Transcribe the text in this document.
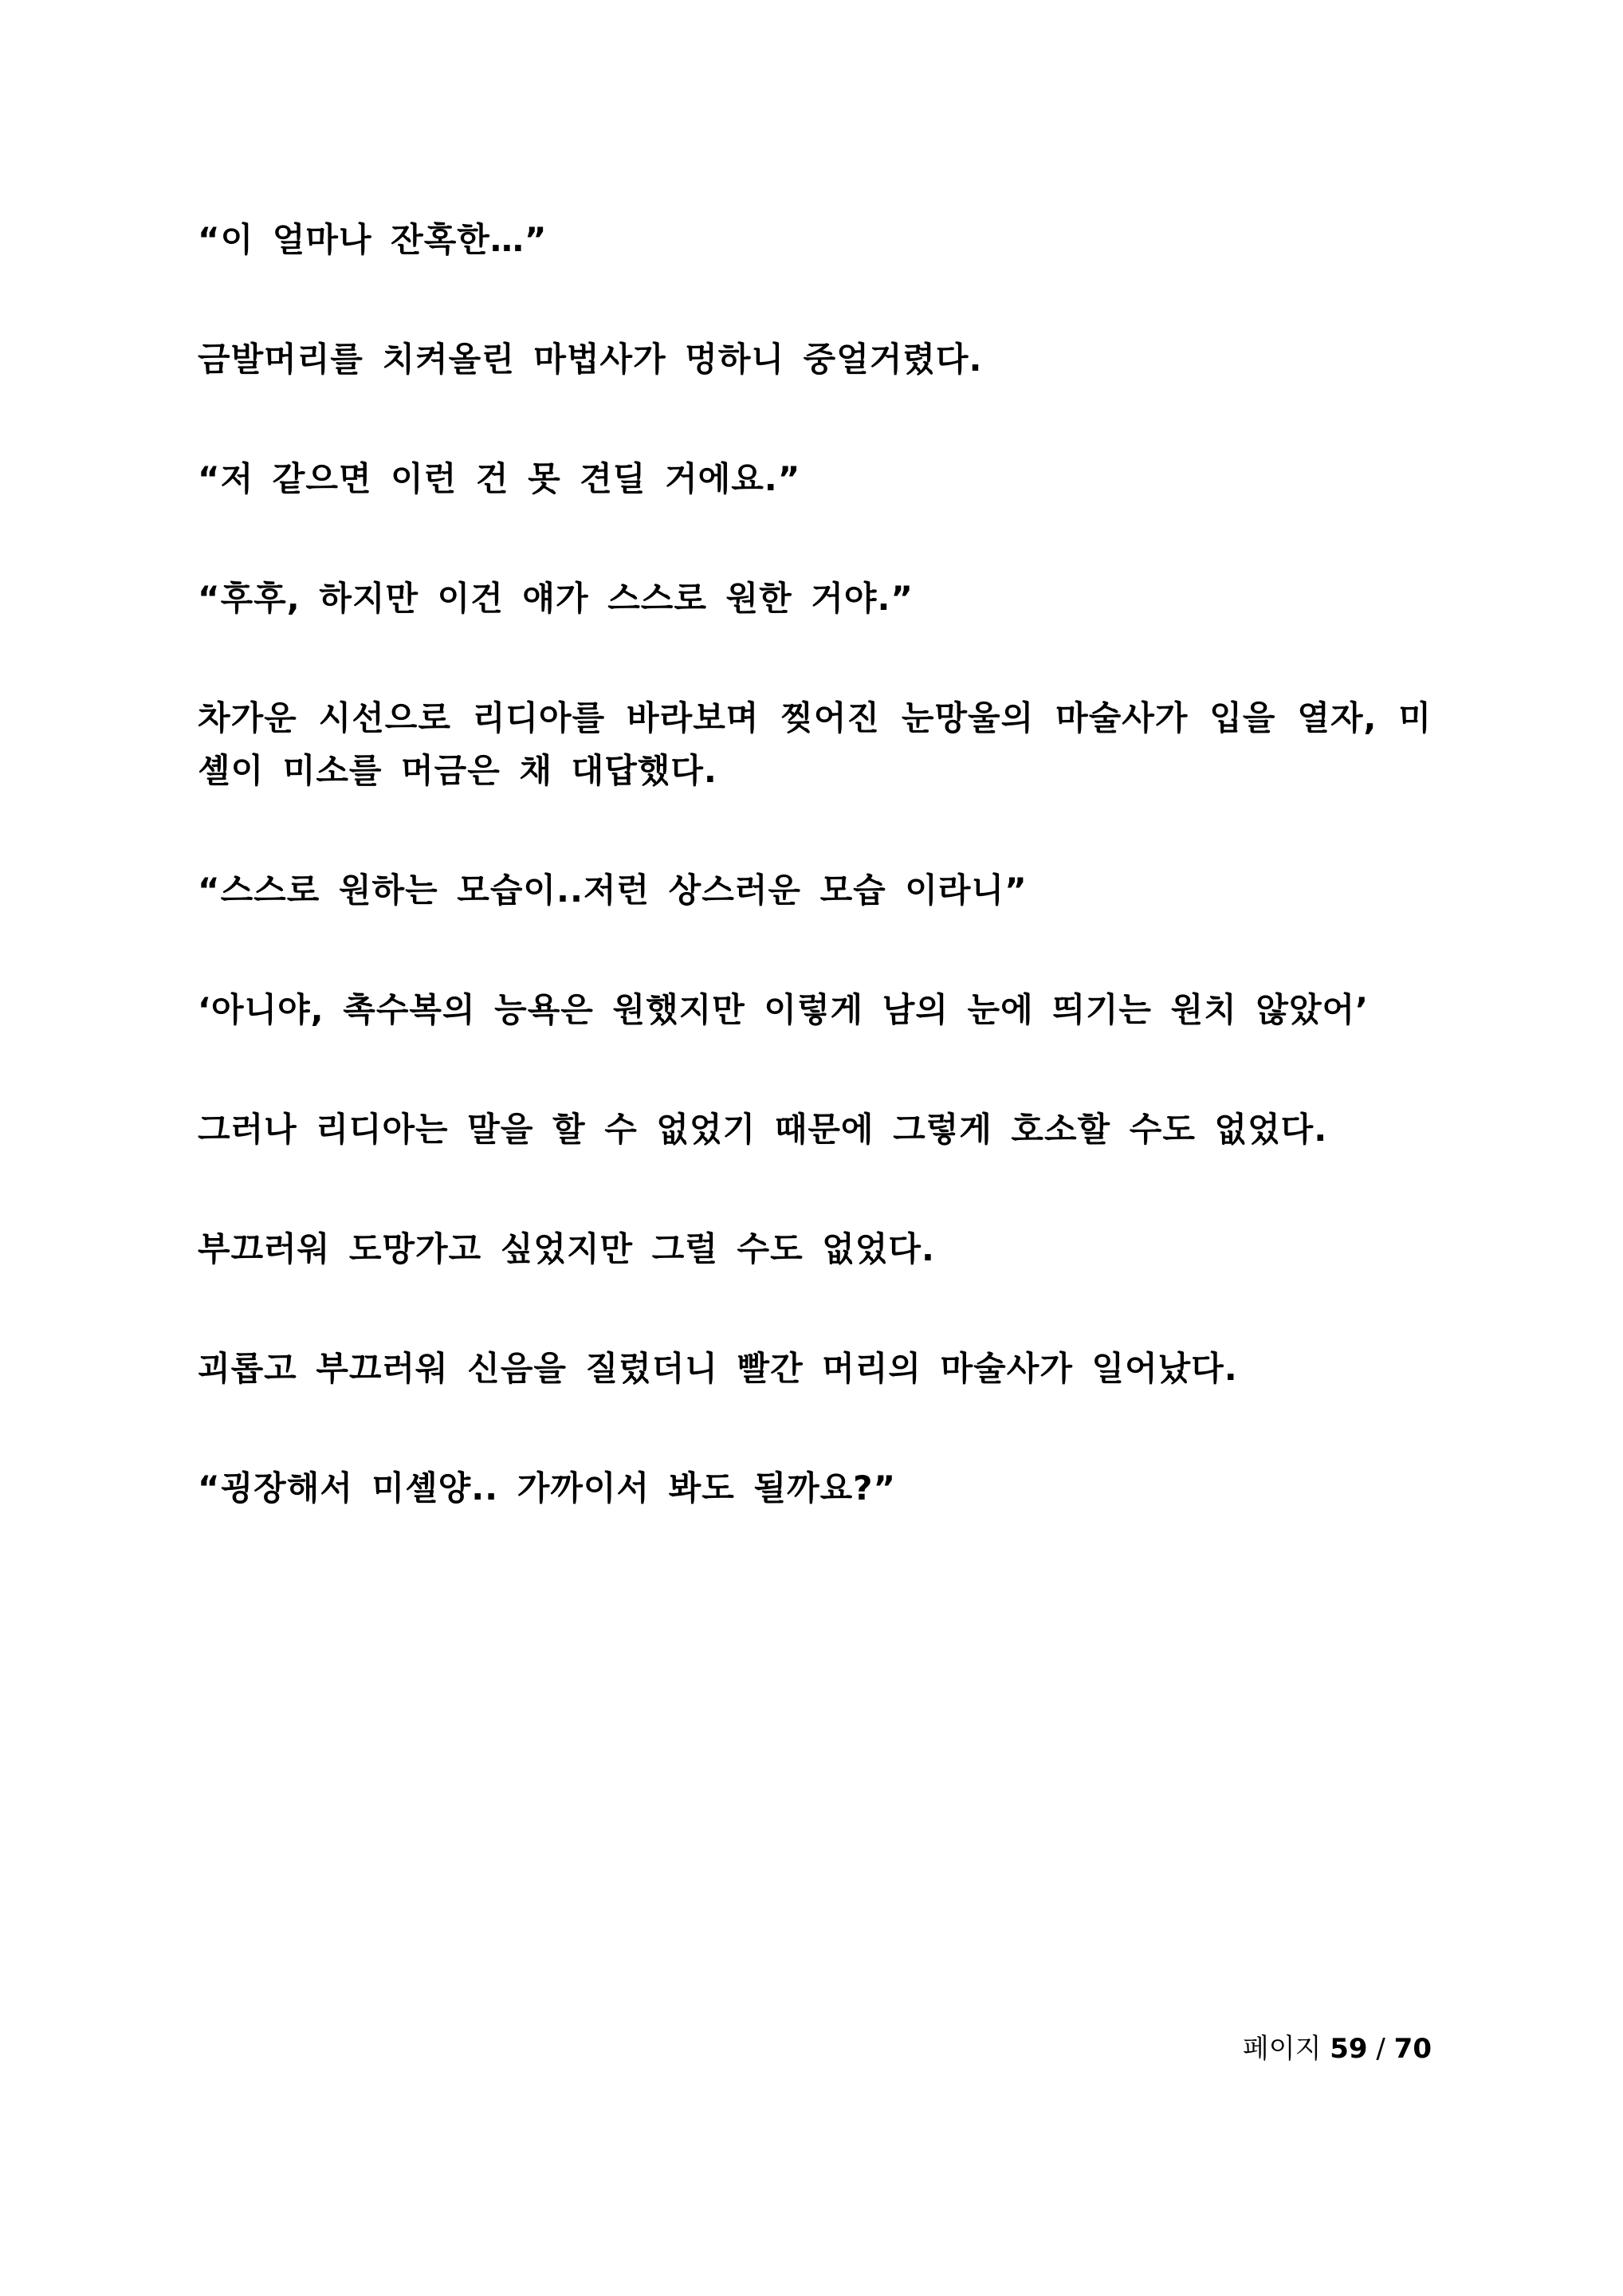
“이 얼마나 잔혹한…”

금발머리를 치켜올린 마법사가 멍하니 중얼거렸다.

“저 같으면 이런 건 못 견딜 거에요.”

“후후, 하지만 이건 얘가 스스로 원한 거야.”

차가운 시선으로 리디아를 바라보며 찢어진 눈망울의 마술사가 입을 열자, 미셸이 미소를 머금은 채 대답했다.

“스스로 원하는 모습이..저런 상스러운 모습 이라니”

‘아니야, 촉수복의 능욕은 원했지만 이렇게 남의 눈에 띄기는 원치 않았어’

그러나 리디아는 말을 할 수 없었기 때문에 그렇게 호소할 수도 없었다.

부끄러워 도망가고 싶었지만 그럴 수도 없었다.

괴롭고 부끄러워 신음을 질렀더니 빨간 머리의 마술사가 일어났다.

“굉장해서 미셸양.. 가까이서 봐도 될까요?”

페이지 59 / 70
